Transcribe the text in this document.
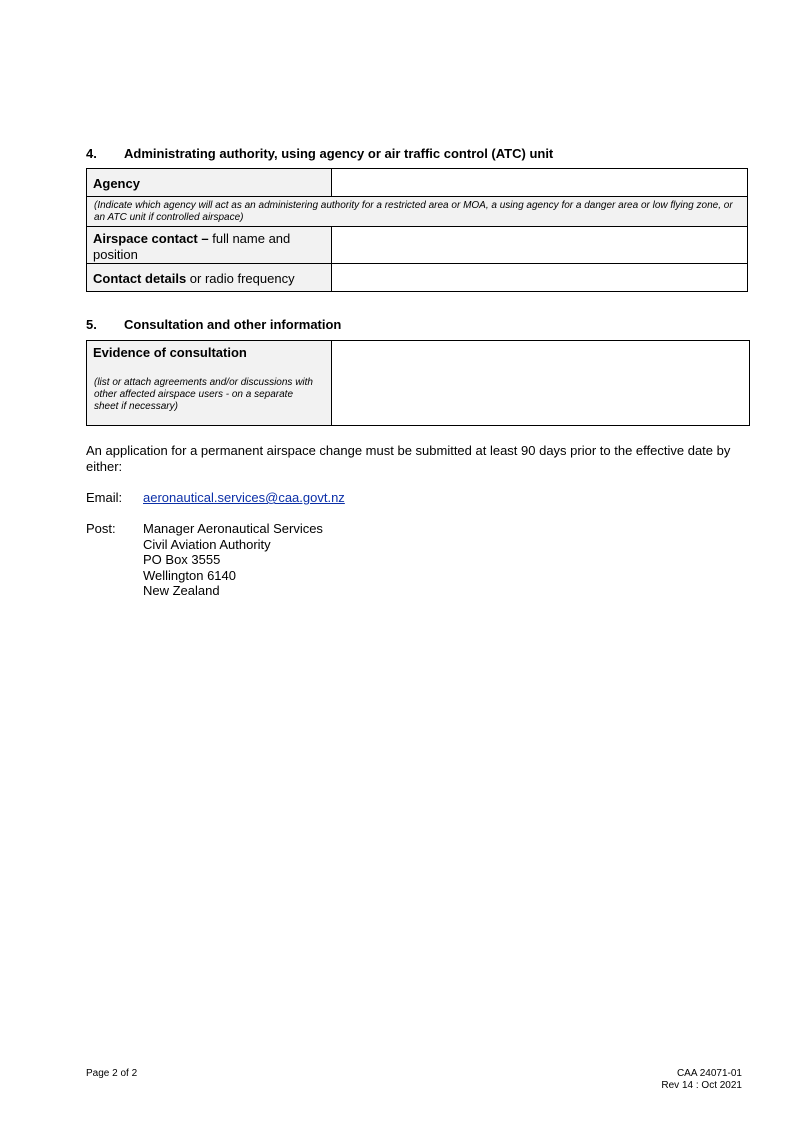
4. Administrating authority, using agency or air traffic control (ATC) unit
Agency
(Indicate which agency will act as an administering authority for a restricted area or MOA, a using agency for a danger area or low flying zone, or an ATC unit if controlled airspace)
Airspace contact – full name and position
Contact details or radio frequency
5. Consultation and other information
Evidence of consultation
(list or attach agreements and/or discussions with other affected airspace users - on a separate sheet if necessary)
An application for a permanent airspace change must be submitted at least 90 days prior to the effective date by either:
Email: aeronautical.services@caa.govt.nz
Post: Manager Aeronautical Services
Civil Aviation Authority
PO Box 3555
Wellington 6140
New Zealand
Page 2 of 2	CAA 24071-01
Rev 14 : Oct 2021
